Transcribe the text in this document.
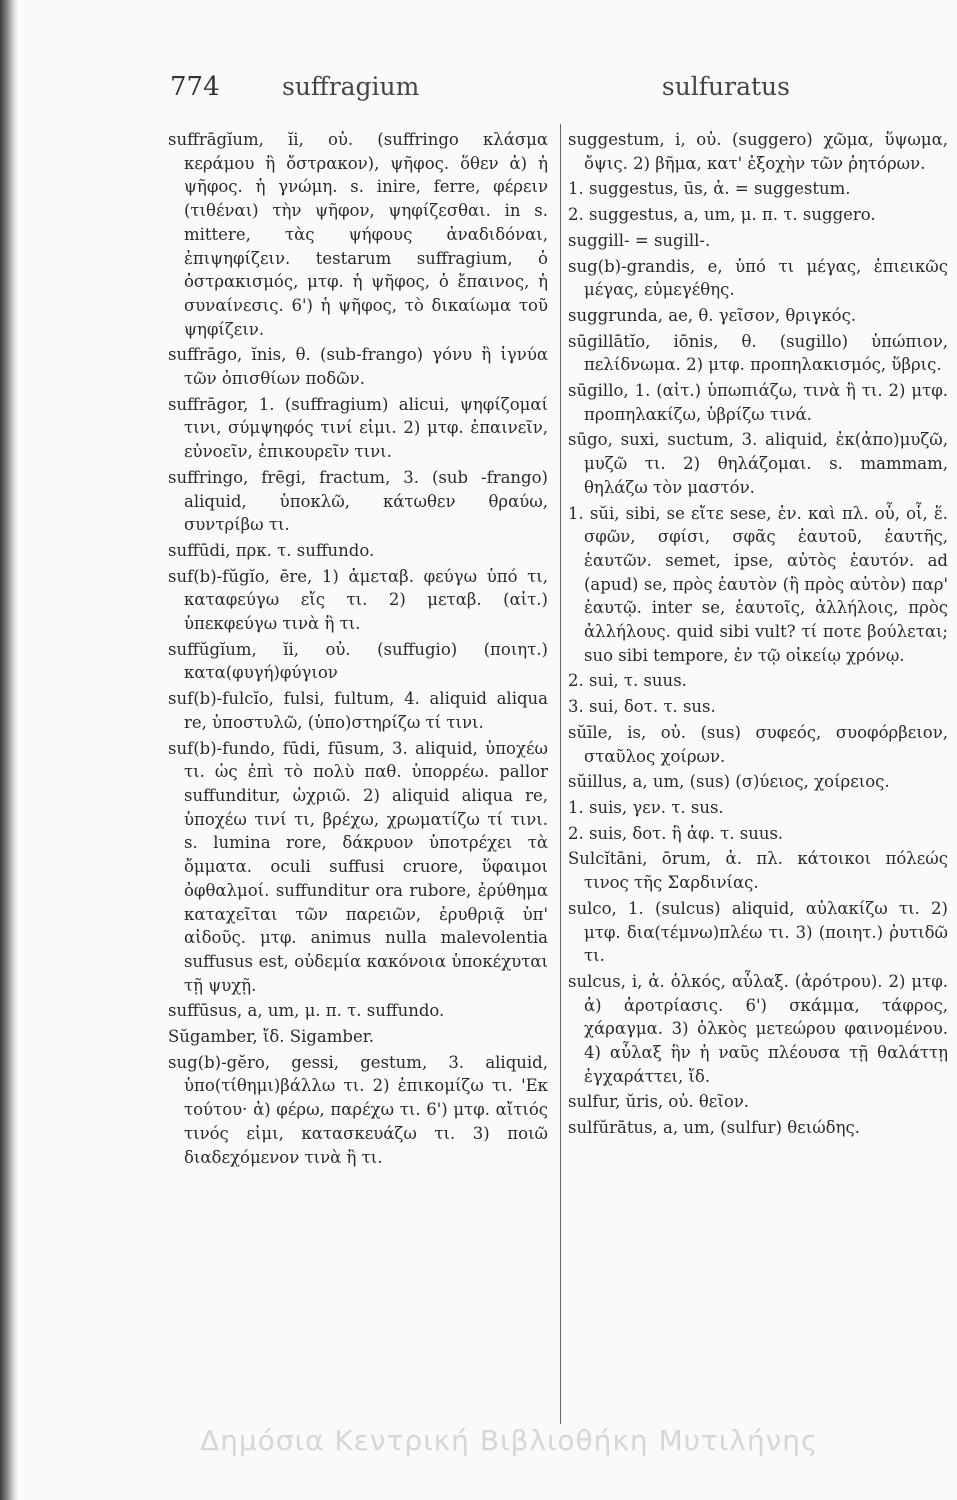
774 suffragium	sulfuratus

suffrāgĭum, ĭi, οὐ. (suffringo κλάσμα κεράμου ἢ ὄστρακον), ψῆφος. ὅθεν ἀ) ἡ ψῆφος. ἡ γνώμη. s. inire, ferre, φέρειν (τιθέναι) τὴν ψῆφον, ψηφίζεσθαι. in s. mittere, τὰς ψήφους ἀναδιδόναι, ἐπιψηφίζειν. testarum suffragium, ὁ ὀστρακισμός, μτφ. ἡ ψῆφος, ὁ ἔπαινος, ἡ συναίνεσις. 6') ἡ ψῆφος, τὸ δικαίωμα τοῦ ψηφίζειν.

suffrāgo, ĭnis, θ. (sub-frango) γόνυ ἢ ἰγνύα τῶν ὀπισθίων ποδῶν.

suffrāgor, 1. (suffragium) alicui, ψηφίζομαί τινι, σύμψηφός τινί εἰμι. 2) μτφ. ἐπαινεῖν, εὐνοεῖν, ἐπικουρεῖν τινι.

suffringo, frēgi, fractum, 3. (sub -frango) aliquid, ὑποκλῶ, κάτωθεν θραύω, συντρίβω τι.

suffūdi, πρκ. τ. suffundo.

suf(b)-fŭgĭo, ēre, 1) ἀμεταβ. φεύγω ὑπό τι, καταφεύγω εἴς τι. 2) μεταβ. (αἰτ.) ὑπεκφεύγω τινὰ ἢ τι.

suffŭgĭum, ĭi, οὐ. (suffugio) (ποιητ.) κατα(φυγή)φύγιον

suf(b)-fulcĭo, fulsi, fultum, 4. aliquid aliqua re, ὑποστυλῶ, (ὑπο)στηρίζω τί τινι.

suf(b)-fundo, fūdi, fūsum, 3. aliquid, ὑποχέω τι. ὡς ἐπὶ τὸ πολὺ παθ. ὑπορρέω. pallor suffunditur, ὠχριῶ. 2) aliquid aliqua re, ὑποχέω τινί τι, βρέχω, χρωματίζω τί τινι. s. lumina rore, δάκρυον ὑποτρέχει τὰ ὄμματα. oculi suffusi cruore, ὕφαιμοι ὀφθαλμοί. suffunditur ora rubore, ἐρύθημα καταχεῖται τῶν παρειῶν, ἐρυθριᾷ ὑπ' αἰδοῦς. μτφ. animus nulla malevolentia suffusus est, οὐδεμία κακόνοια ὑποκέχυται τῇ ψυχῇ.

suffūsus, a, um, μ. π. τ. suffundo.

Sŭgamber, ἴδ. Sigamber.

sug(b)-gĕro, gessi, gestum, 3. aliquid, ὑπο(τίθημι)βάλλω τι. 2) ἐπικομίζω τι. 'Εκ τούτου· ἀ) φέρω, παρέχω τι. 6') μτφ. αἴτιός τινός εἰμι, κατασκευάζω τι. 3) ποιῶ διαδεχόμενον τινὰ ἢ τι.

suggestum, i, οὐ. (suggero) χῶμα, ὕψωμα, ὄψις. 2) βῆμα, κατ' ἐξοχὴν τῶν ῥητόρων.

1. suggestus, ūs, ἀ. = suggestum.

2. suggestus, a, um, μ. π. τ. suggero.

suggill- = sugill-.

sug(b)-grandis, e, ὑπό τι μέγας, ἐπιεικῶς μέγας, εὐμεγέθης.

suggrunda, ae, θ. γεῖσον, θριγκός.

sūgillātĭo, iōnis, θ. (sugillo) ὑπώπιον, πελίδνωμα. 2) μτφ. προπηλακισμός, ὕβρις.

sūgillo, 1. (αἰτ.) ὑπωπιάζω, τινὰ ἢ τι. 2) μτφ. προπηλακίζω, ὑβρίζω τινά.

sūgo, suxi, suctum, 3. aliquid, ἐκ(ἀπο)μυζῶ, μυζῶ τι. 2) θηλάζομαι. s. mammam, θηλάζω τὸν μαστόν.

1. sŭi, sibi, se εἴτε sese, ἑν. καὶ πλ. οὗ, οἷ, ἕ. σφῶν, σφίσι, σφᾶς ἑαυτοῦ, ἑαυτῆς, ἑαυτῶν. semet, ipse, αὐτὸς ἑαυτόν. ad (apud) se, πρὸς ἑαυτὸν (ἢ πρὸς αὑτὸν) παρ' ἑαυτῷ. inter se, ἑαυτοῖς, ἀλλήλοις, πρὸς ἀλλήλους. quid sibi vult? τί ποτε βούλεται; suo sibi tempore, ἐν τῷ οἰκείῳ χρόνῳ.

2. sui, τ. suus.

3. sui, δοτ. τ. sus.

sŭīle, is, οὐ. (sus) συφεός, συοφόρβειον, σταῦλος χοίρων.

sŭillus, a, um, (sus) (σ)ύειος, χοίρειος.

1. suis, γεν. τ. sus.

2. suis, δοτ. ἢ ἀφ. τ. suus.

Sulcĭtāni, ōrum, ἀ. πλ. κάτοικοι πόλεώς τινος τῆς Σαρδινίας.

sulco, 1. (sulcus) aliquid, αὐλακίζω τι. 2) μτφ. δια(τέμνω)πλέω τι. 3) (ποιητ.) ῥυτιδῶ τι.

sulcus, i, ἀ. ὁλκός, αὖλαξ. (ἀρότρου). 2) μτφ. ἀ) ἀροτρίασις. 6') σκάμμα, τάφρος, χάραγμα. 3) ὁλκὸς μετεώρου φαινομένου. 4) αὖλαξ ἣν ἡ ναῦς πλέουσα τῇ θαλάττῃ ἐγχαράττει, ἴδ.

sulfur, ŭris, οὐ. θεῖον.

sulfŭrātus, a, um, (sulfur) θειώδης.

Δημόσια Κεντρική Βιβλιοθήκη Μυτιλήνης
